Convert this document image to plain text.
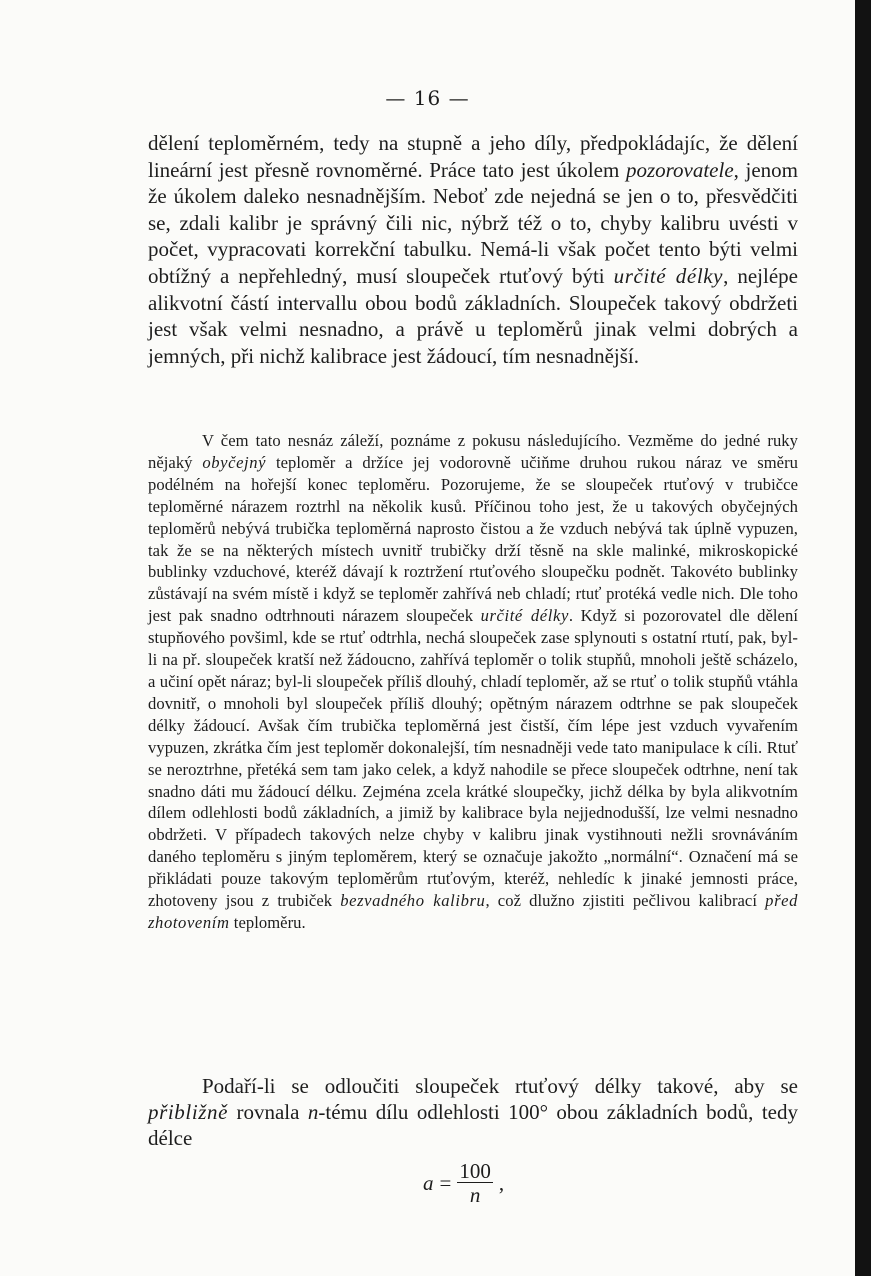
— 16 —
dělení teploměrném, tedy na stupně a jeho díly, předpokládajíc, že dělení lineární jest přesně rovnoměrné. Práce tato jest úkolem pozorovatele, jenom že úkolem daleko nesnadnějším. Neboť zde nejedná se jen o to, přesvědčiti se, zdali kalibr je správný čili nic, nýbrž též o to, chyby kalibru uvésti v počet, vypracovati korrekční tabulku. Nemá-li však počet tento býti velmi obtížný a nepřehledný, musí sloupeček rtuťový býti určité délky, nejlépe alikvotní částí intervallu obou bodů základních. Sloupeček takový obdržeti jest však velmi nesnadno, a právě u teploměrů jinak velmi dobrých a jemných, při nichž kalibrace jest žádoucí, tím nesnadnější.
V čem tato nesnáz záleží, poznáme z pokusu následujícího. Vezměme do jedné ruky nějaký obyčejný teploměr a držíce jej vodorovně učiňme druhou rukou náraz ve směru podélném na hořejší konec teploměru. Pozorujeme, že se sloupeček rtuťový v trubičce teploměrné nárazem roztrhl na několik kusů. Příčinou toho jest, že u takových obyčejných teploměrů nebývá trubička teploměrná naprosto čistou a že vzduch nebývá tak úplně vypuzen, tak že se na některých místech uvnitř trubičky drží těsně na skle malinké, mikroskopické bublinky vzduchové, kteréž dávají k roztržení rtuťového sloupečku podnět. Takovéto bublinky zůstávají na svém místě i když se teploměr zahřívá neb chladí; rtuť protéká vedle nich. Dle toho jest pak snadno odtrhnouti nárazem sloupeček určité délky. Když si pozorovatel dle dělení stupňového povšiml, kde se rtuť odtrhla, nechá sloupeček zase splynouti s ostatní rtutí, pak, byl-li na př. sloupeček kratší než žádoucno, zahřívá teploměr o tolik stupňů, mnoholi ještě scházelo, a učiní opět náraz; byl-li sloupeček příliš dlouhý, chladí teploměr, až se rtuť o tolik stupňů vtáhla dovnitř, o mnoholi byl sloupeček příliš dlouhý; opětným nárazem odtrhne se pak sloupeček délky žádoucí. Avšak čím trubička teploměrná jest čistší, čím lépe jest vzduch vyvařením vypuzen, zkrátka čím jest teploměr dokonalejší, tím nesnadněji vede tato manipulace k cíli. Rtuť se neroztrhne, přetéká sem tam jako celek, a když nahodile se přece sloupeček odtrhne, není tak snadno dáti mu žádoucí délku. Zejména zcela krátké sloupečky, jichž délka by byla alikvotním dílem odlehlosti bodů základních, a jimiž by kalibrace byla nejjednodušší, lze velmi nesnadno obdržeti. V případech takových nelze chyby v kalibru jinak vystihnouti nežli srovnáváním daného teploměru s jiným teploměrem, který se označuje jakožto „normální“. Označení má se přikládati pouze takovým teploměrům rtuťovým, kteréž, nehledíc k jinaké jemnosti práce, zhotoveny jsou z trubiček bezvadného kalibru, což dlužno zjistiti pečlivou kalibrací před zhotovením teploměru.
Podaří-li se odloučiti sloupeček rtuťový délky takové, aby se přibližně rovnala n-tému dílu odlehlosti 100° obou základních bodů, tedy délce
$a = \frac{100}{n}$ ,
